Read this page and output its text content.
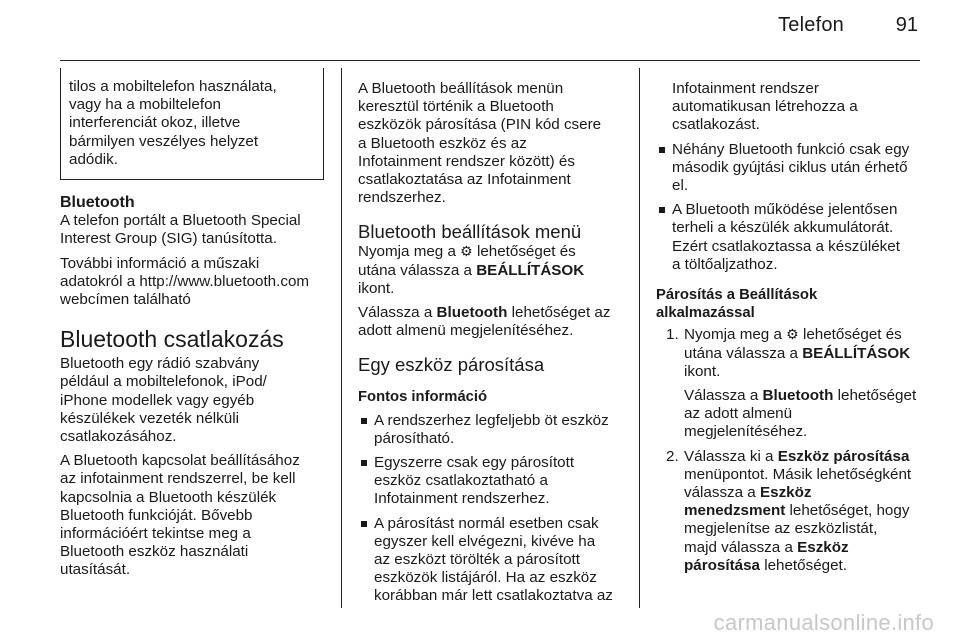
Telefon	91
tilos a mobiltelefon használata,
vagy ha a mobiltelefon
interferenciát okoz, illetve
bármilyen veszélyes helyzet
adódik.
Bluetooth

A telefon portált a Bluetooth Special
Interest Group (SIG) tanúsította.

További információ a műszaki
adatokról a http://www.bluetooth.com
webcímen található

Bluetooth csatlakozás

Bluetooth egy rádió szabvány
például a mobiltelefonok, iPod/
iPhone modellek vagy egyéb
készülékek vezeték nélküli
csatlakozásához.

A Bluetooth kapcsolat beállításához
az infotainment rendszerrel, be kell
kapcsolnia a Bluetooth készülék
Bluetooth funkcióját. Bővebb
információért tekintse meg a
Bluetooth eszköz használati
utasítását.

A Bluetooth beállítások menün
keresztül történik a Bluetooth
eszközök párosítása (PIN kód csere
a Bluetooth eszköz és az
Infotainment rendszer között) és
csatlakoztatása az Infotainment
rendszerhez.

Bluetooth beállítások menü

Nyomja meg a ⚙ lehetőséget és
utána válassza a BEÁLLÍTÁSOK
ikont.

Válassza a Bluetooth lehetőséget az
adott almenü megjelenítéséhez.

Egy eszköz párosítása
Fontos információ
A rendszerhez legfeljebb öt eszköz
párosítható.
Egyszerre csak egy párosított
eszköz csatlakoztatható a
Infotainment rendszerhez.
A párosítást normál esetben csak
egyszer kell elvégezni, kivéve ha
az eszközt törölték a párosított
eszközök listájáról. Ha az eszköz
korábban már lett csatlakoztatva az
Infotainment rendszer
automatikusan létrehozza a
csatlakozást.
Néhány Bluetooth funkció csak egy
második gyújtási ciklus után érhető
el.
A Bluetooth működése jelentősen
terheli a készülék akkumulátorát.
Ezért csatlakoztassa a készüléket
a töltőaljzathoz.
Párosítás a Beállítások
alkalmazással
1. Nyomja meg a ⚙ lehetőséget és
utána válassza a BEÁLLÍTÁSOK
ikont.
Válassza a Bluetooth lehetőséget
az adott almenü
megjelenítéséhez.
2. Válassza ki a Eszköz párosítása
menüpontot. Másik lehetőségként
válassza a Eszköz
menedzsment lehetőséget, hogy
megjelenítse az eszközlistát,
majd válassza a Eszköz
párosítása lehetőséget.
carmanualsonline.info
